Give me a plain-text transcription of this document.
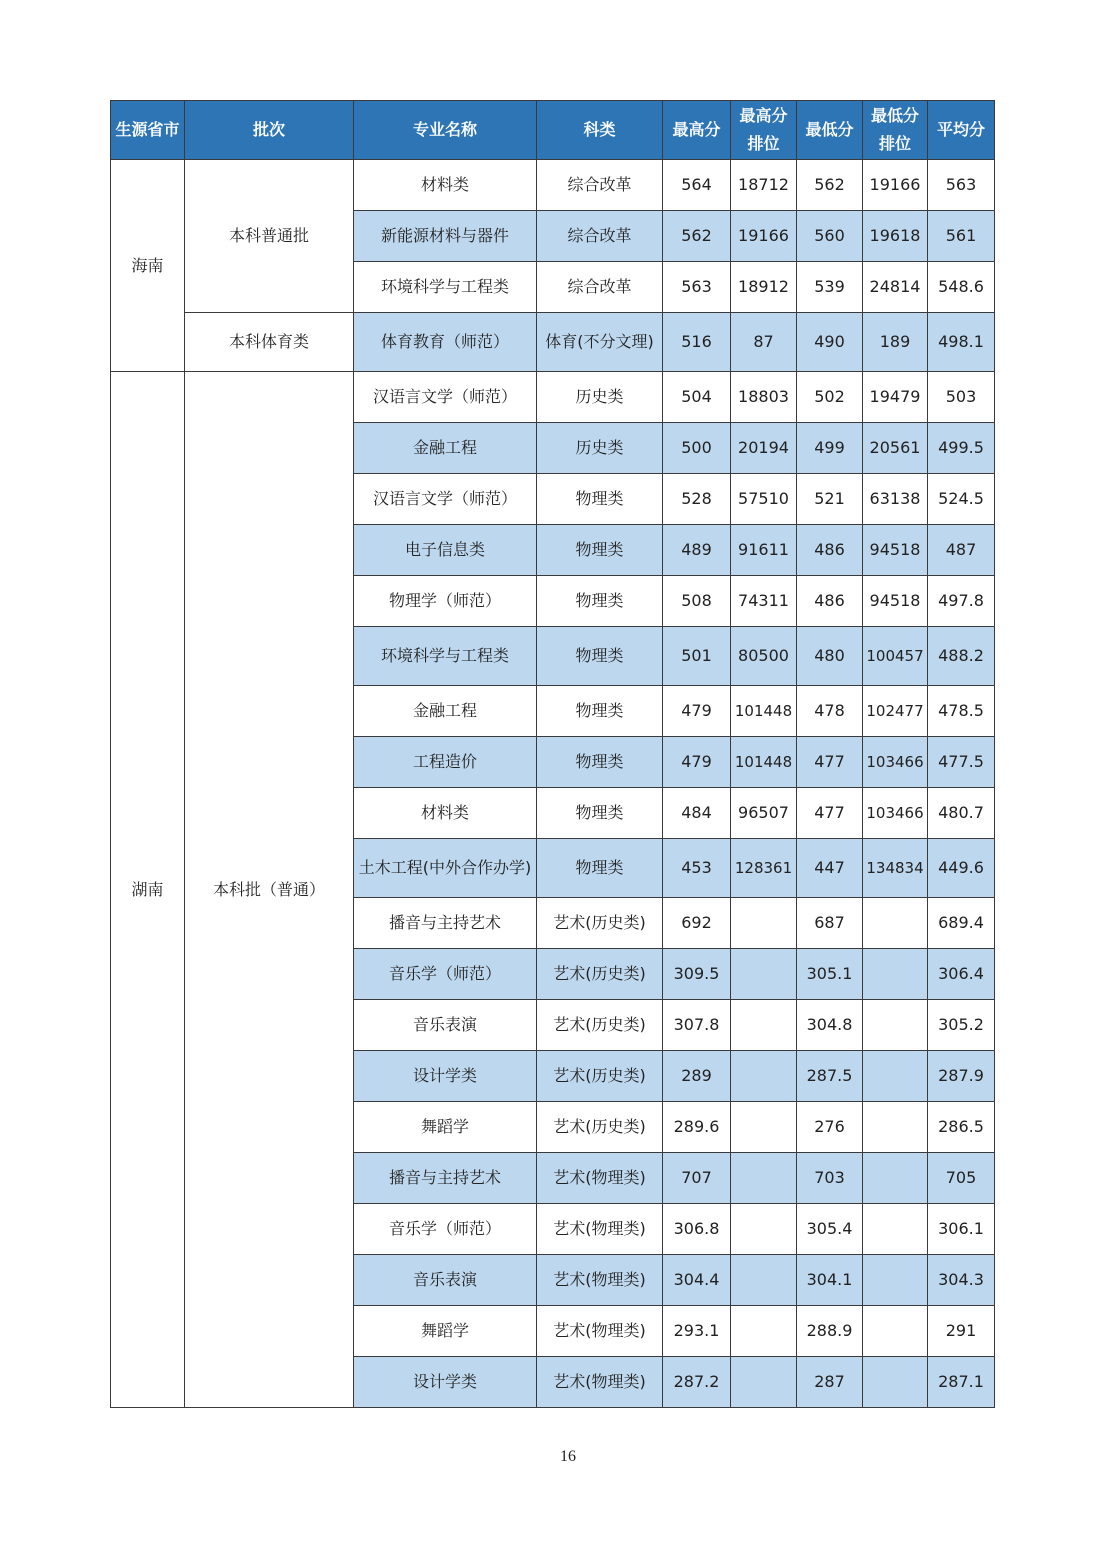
生源省市	批次	专业名称	科类	最高分	最高分排位	最低分	最低分排位	平均分
海南	本科普通批	材料类	综合改革	564	18712	562	19166	563
		新能源材料与器件	综合改革	562	19166	560	19618	561
		环境科学与工程类	综合改革	563	18912	539	24814	548.6
	本科体育类	体育教育（师范）	体育(不分文理)	516	87	490	189	498.1
湖南	本科批（普通）	汉语言文学（师范）	历史类	504	18803	502	19479	503
		金融工程	历史类	500	20194	499	20561	499.5
		汉语言文学（师范）	物理类	528	57510	521	63138	524.5
		电子信息类	物理类	489	91611	486	94518	487
		物理学（师范）	物理类	508	74311	486	94518	497.8
		环境科学与工程类	物理类	501	80500	480	100457	488.2
		金融工程	物理类	479	101448	478	102477	478.5
		工程造价	物理类	479	101448	477	103466	477.5
		材料类	物理类	484	96507	477	103466	480.7
		土木工程(中外合作办学)	物理类	453	128361	447	134834	449.6
		播音与主持艺术	艺术(历史类)	692		687		689.4
		音乐学（师范）	艺术(历史类)	309.5		305.1		306.4
		音乐表演	艺术(历史类)	307.8		304.8		305.2
		设计学类	艺术(历史类)	289		287.5		287.9
		舞蹈学	艺术(历史类)	289.6		276		286.5
		播音与主持艺术	艺术(物理类)	707		703		705
		音乐学（师范）	艺术(物理类)	306.8		305.4		306.1
		音乐表演	艺术(物理类)	304.4		304.1		304.3
		舞蹈学	艺术(物理类)	293.1		288.9		291
		设计学类	艺术(物理类)	287.2		287		287.1
16
